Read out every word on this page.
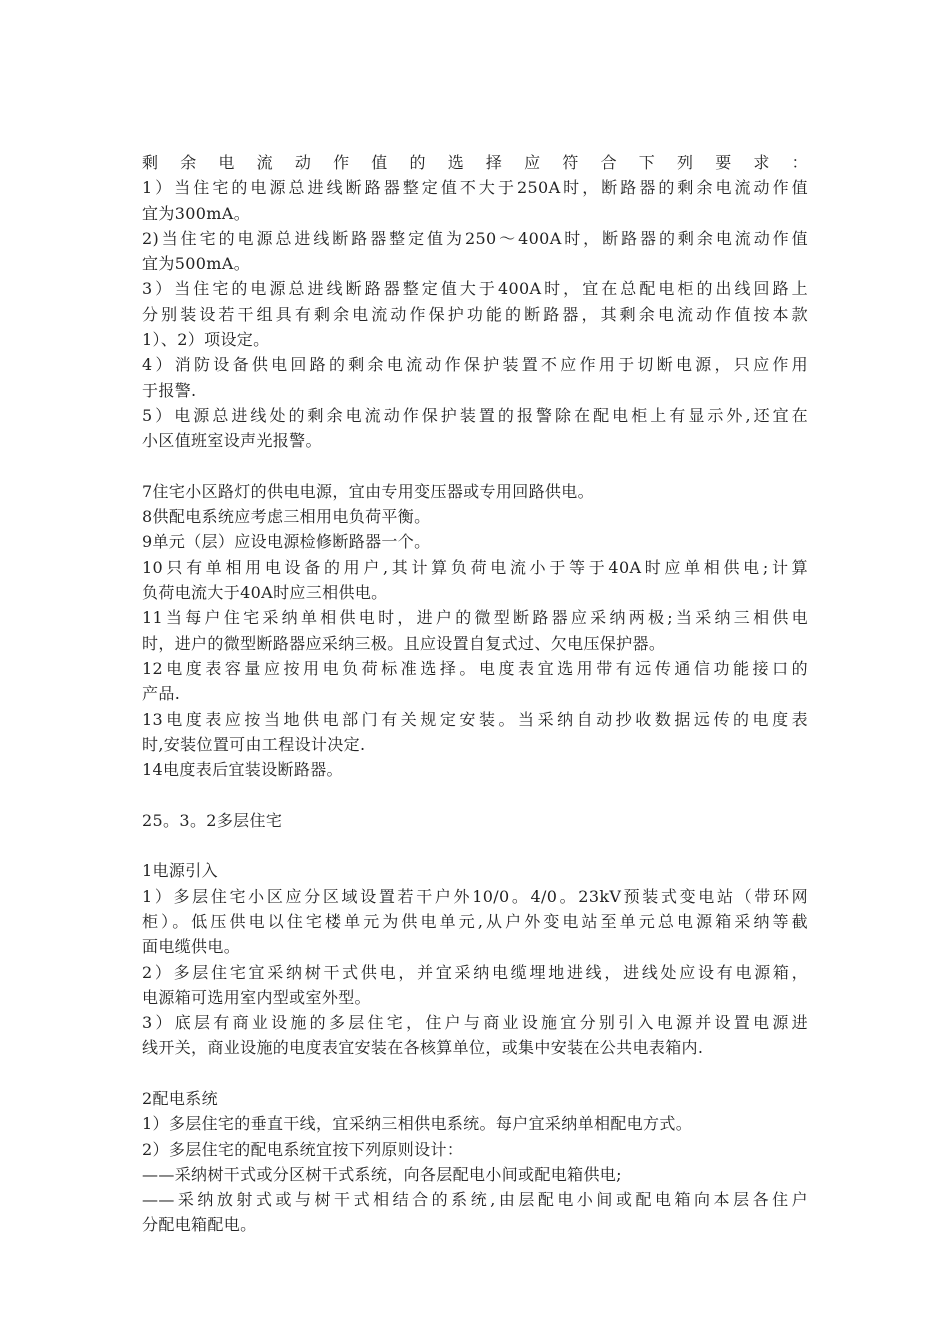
剩余电流动作值的选择应符合下列要求：
1）当住宅的电源总进线断路器整定值不大于250A时，断路器的剩余电流动作值
宜为300mA。
2)当住宅的电源总进线断路器整定值为250～400A时，断路器的剩余电流动作值
宜为500mA。
3）当住宅的电源总进线断路器整定值大于400A时，宜在总配电柜的出线回路上
分别装设若干组具有剩余电流动作保护功能的断路器，其剩余电流动作值按本款
1）、2）项设定。
4）消防设备供电回路的剩余电流动作保护装置不应作用于切断电源，只应作用
于报警.
5）电源总进线处的剩余电流动作保护装置的报警除在配电柜上有显示外,还宜在
小区值班室设声光报警。
7住宅小区路灯的供电电源，宜由专用变压器或专用回路供电。
8供配电系统应考虑三相用电负荷平衡。
9单元（层）应设电源检修断路器一个。
10只有单相用电设备的用户,其计算负荷电流小于等于40A时应单相供电;计算
负荷电流大于40A时应三相供电。
11当每户住宅采纳单相供电时，进户的微型断路器应采纳两极;当采纳三相供电
时，进户的微型断路器应采纳三极。且应设置自复式过、欠电压保护器。
12电度表容量应按用电负荷标准选择。电度表宜选用带有远传通信功能接口的
产品.
13电度表应按当地供电部门有关规定安装。当采纳自动抄收数据远传的电度表
时,安装位置可由工程设计决定.
14电度表后宜装设断路器。
25。3。2多层住宅
1电源引入
1）多层住宅小区应分区域设置若干户外10/0。4/0。23kV预装式变电站（带环网
柜）。低压供电以住宅楼单元为供电单元,从户外变电站至单元总电源箱采纳等截
面电缆供电。
2）多层住宅宜采纳树干式供电，并宜采纳电缆埋地进线，进线处应设有电源箱，
电源箱可选用室内型或室外型。
3）底层有商业设施的多层住宅，住户与商业设施宜分别引入电源并设置电源进
线开关，商业设施的电度表宜安装在各核算单位，或集中安装在公共电表箱内.
2配电系统
1）多层住宅的垂直干线，宜采纳三相供电系统。每户宜采纳单相配电方式。
2）多层住宅的配电系统宜按下列原则设计：
——采纳树干式或分区树干式系统，向各层配电小间或配电箱供电;
——采纳放射式或与树干式相结合的系统,由层配电小间或配电箱向本层各住户
分配电箱配电。
